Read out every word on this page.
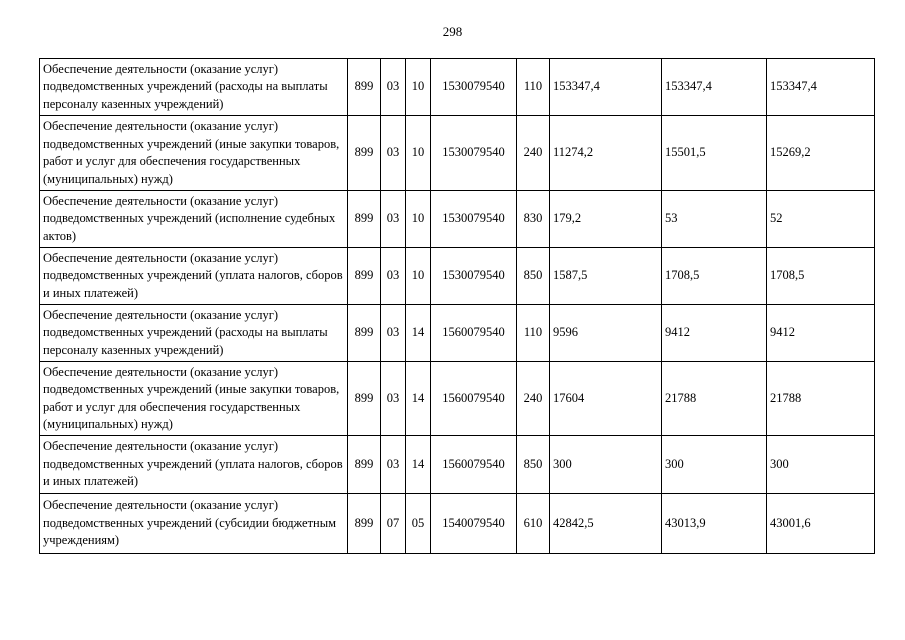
298
Обеспечение деятельности (оказание услуг) подведомственных учреждений (расходы на выплаты персоналу казенных учреждений)	899	03	10	1530079540	110	153347,4	153347,4	153347,4
Обеспечение деятельности (оказание услуг) подведомственных учреждений (иные закупки товаров, работ и услуг для обеспечения государственных (муниципальных) нужд)	899	03	10	1530079540	240	11274,2	15501,5	15269,2
Обеспечение деятельности (оказание услуг) подведомственных учреждений (исполнение судебных актов)	899	03	10	1530079540	830	179,2	53	52
Обеспечение деятельности (оказание услуг) подведомственных учреждений (уплата налогов, сборов и иных платежей)	899	03	10	1530079540	850	1587,5	1708,5	1708,5
Обеспечение деятельности (оказание услуг) подведомственных учреждений (расходы на выплаты персоналу казенных учреждений)	899	03	14	1560079540	110	9596	9412	9412
Обеспечение деятельности (оказание услуг) подведомственных учреждений (иные закупки товаров, работ и услуг для обеспечения государственных (муниципальных) нужд)	899	03	14	1560079540	240	17604	21788	21788
Обеспечение деятельности (оказание услуг) подведомственных учреждений (уплата налогов, сборов и иных платежей)	899	03	14	1560079540	850	300	300	300
Обеспечение деятельности (оказание услуг) подведомственных учреждений (субсидии бюджетным учреждениям)	899	07	05	1540079540	610	42842,5	43013,9	43001,6
